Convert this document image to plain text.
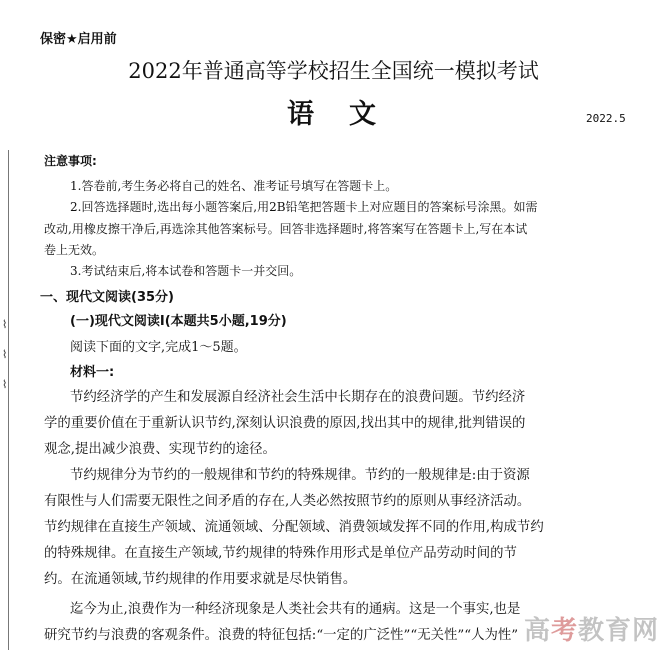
⌇
⌇
⌇
保密★启用前
2022年普通高等学校招生全国统一模拟考试
语　文	2022.5
注意事项:
1.答卷前,考生务必将自己的姓名、准考证号填写在答题卡上。
2.回答选择题时,选出每小题答案后,用2B铅笔把答题卡上对应题目的答案标号涂黑。如需
改动,用橡皮擦干净后,再选涂其他答案标号。回答非选择题时,将答案写在答题卡上,写在本试
卷上无效。
3.考试结束后,将本试卷和答题卡一并交回。
一、现代文阅读(35分)
(一)现代文阅读Ⅰ(本题共5小题,19分)
阅读下面的文字,完成1～5题。
材料一:
节约经济学的产生和发展源自经济社会生活中长期存在的浪费问题。节约经济
学的重要价值在于重新认识节约,深刻认识浪费的原因,找出其中的规律,批判错误的
观念,提出减少浪费、实现节约的途径。
节约规律分为节约的一般规律和节约的特殊规律。节约的一般规律是:由于资源
有限性与人们需要无限性之间矛盾的存在,人类必然按照节约的原则从事经济活动。
节约规律在直接生产领域、流通领域、分配领域、消费领域发挥不同的作用,构成节约
的特殊规律。在直接生产领域,节约规律的特殊作用形式是单位产品劳动时间的节
约。在流通领域,节约规律的作用要求就是尽快销售。
迄今为止,浪费作为一种经济现象是人类社会共有的通病。这是一个事实,也是
研究节约与浪费的客观条件。浪费的特征包括:“一定的广泛性”“无关性”“人为性” 高考教育网
